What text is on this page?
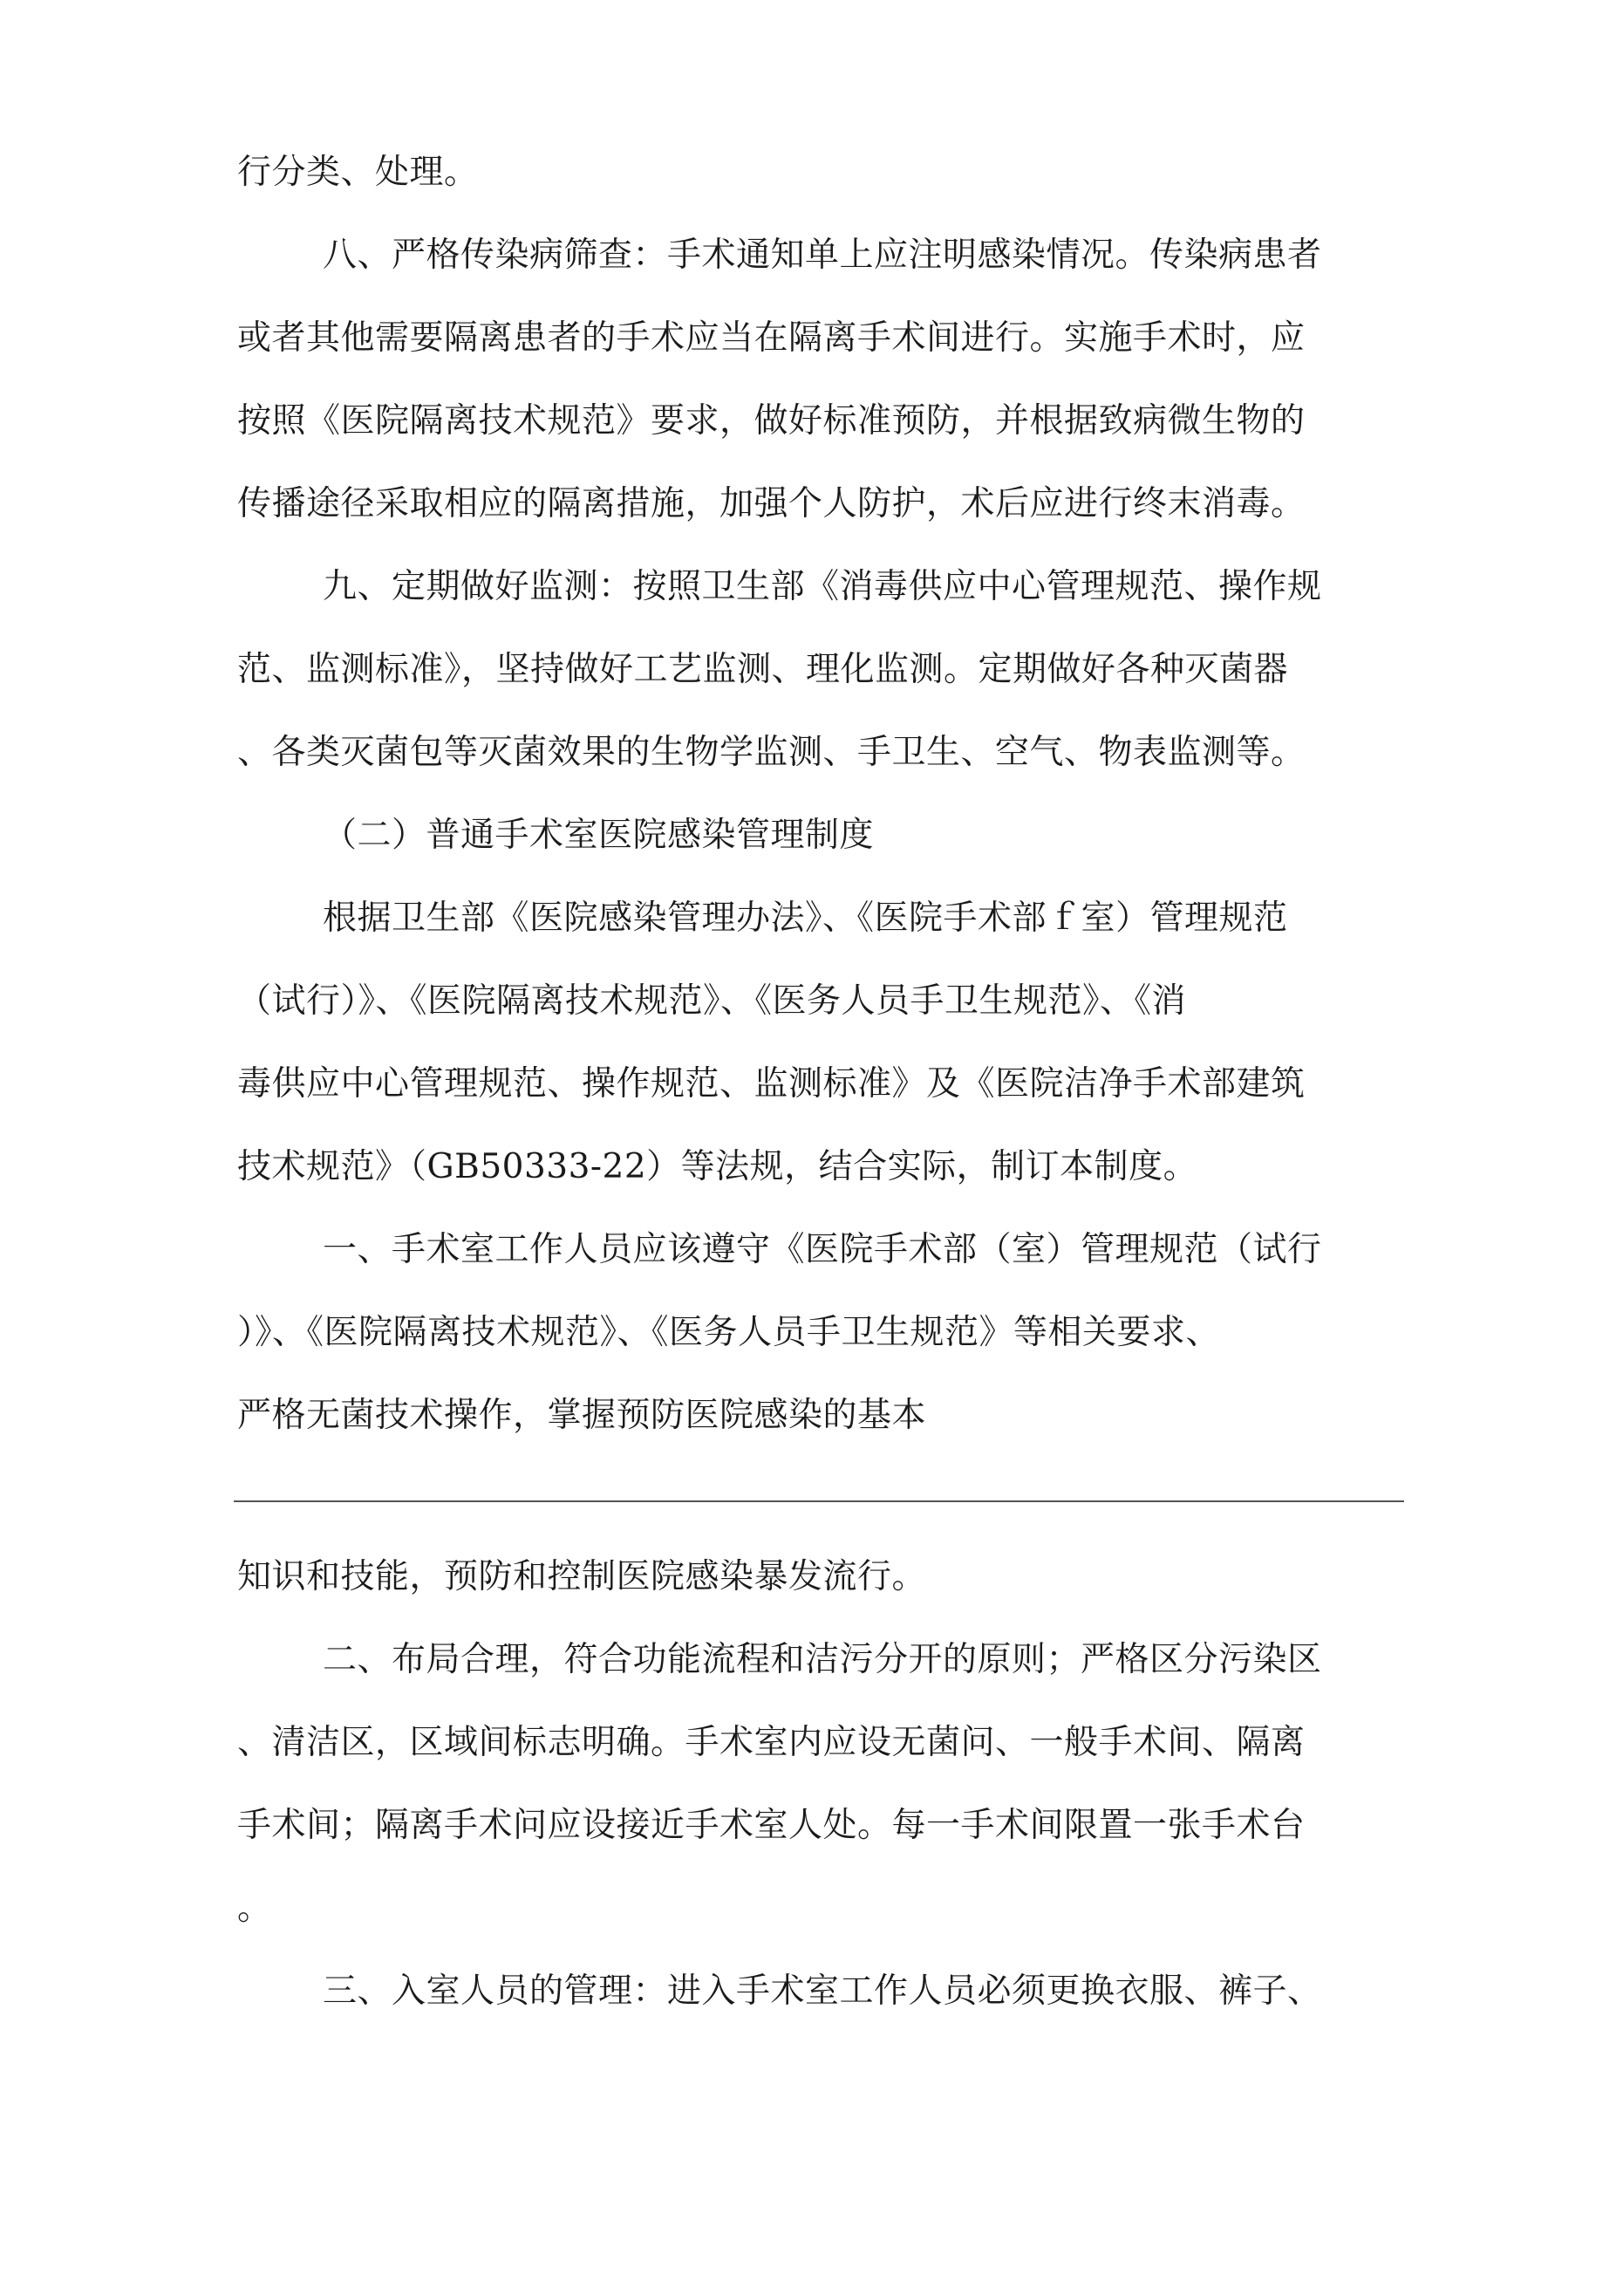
行分类、处理。
八、严格传染病筛查：手术通知单上应注明感染情况。传染病患者
或者其他需要隔离患者的手术应当在隔离手术间进行。实施手术时，应
按照《医院隔离技术规范》要求，做好标准预防，并根据致病微生物的
传播途径采取相应的隔离措施，加强个人防护，术后应进行终末消毒。
九、定期做好监测：按照卫生部《消毒供应中心管理规范、操作规
范、监测标准》，坚持做好工艺监测、理化监测。定期做好各种灭菌器
、各类灭菌包等灭菌效果的生物学监测、手卫生、空气、物表监测等。
（二）普通手术室医院感染管理制度
根据卫生部《医院感染管理办法》、《医院手术部ｆ室）管理规范
（试行）》、《医院隔离技术规范》、《医务人员手卫生规范》、《消
毒供应中心管理规范、操作规范、监测标准》及《医院洁净手术部建筑
技术规范》（GB50333-22）等法规，结合实际，制订本制度。
一、手术室工作人员应该遵守《医院手术部（室）管理规范（试行
）》、《医院隔离技术规范》、《医务人员手卫生规范》等相关要求、
严格无菌技术操作，掌握预防医院感染的基本
知识和技能，预防和控制医院感染暴发流行。
二、布局合理，符合功能流程和洁污分开的原则；严格区分污染区
、清洁区，区域间标志明确。手术室内应设无菌问、一般手术间、隔离
手术间；隔离手术问应设接近手术室人处。每一手术间限置一张手术台
。
三、入室人员的管理：进入手术室工作人员必须更换衣服、裤子、
